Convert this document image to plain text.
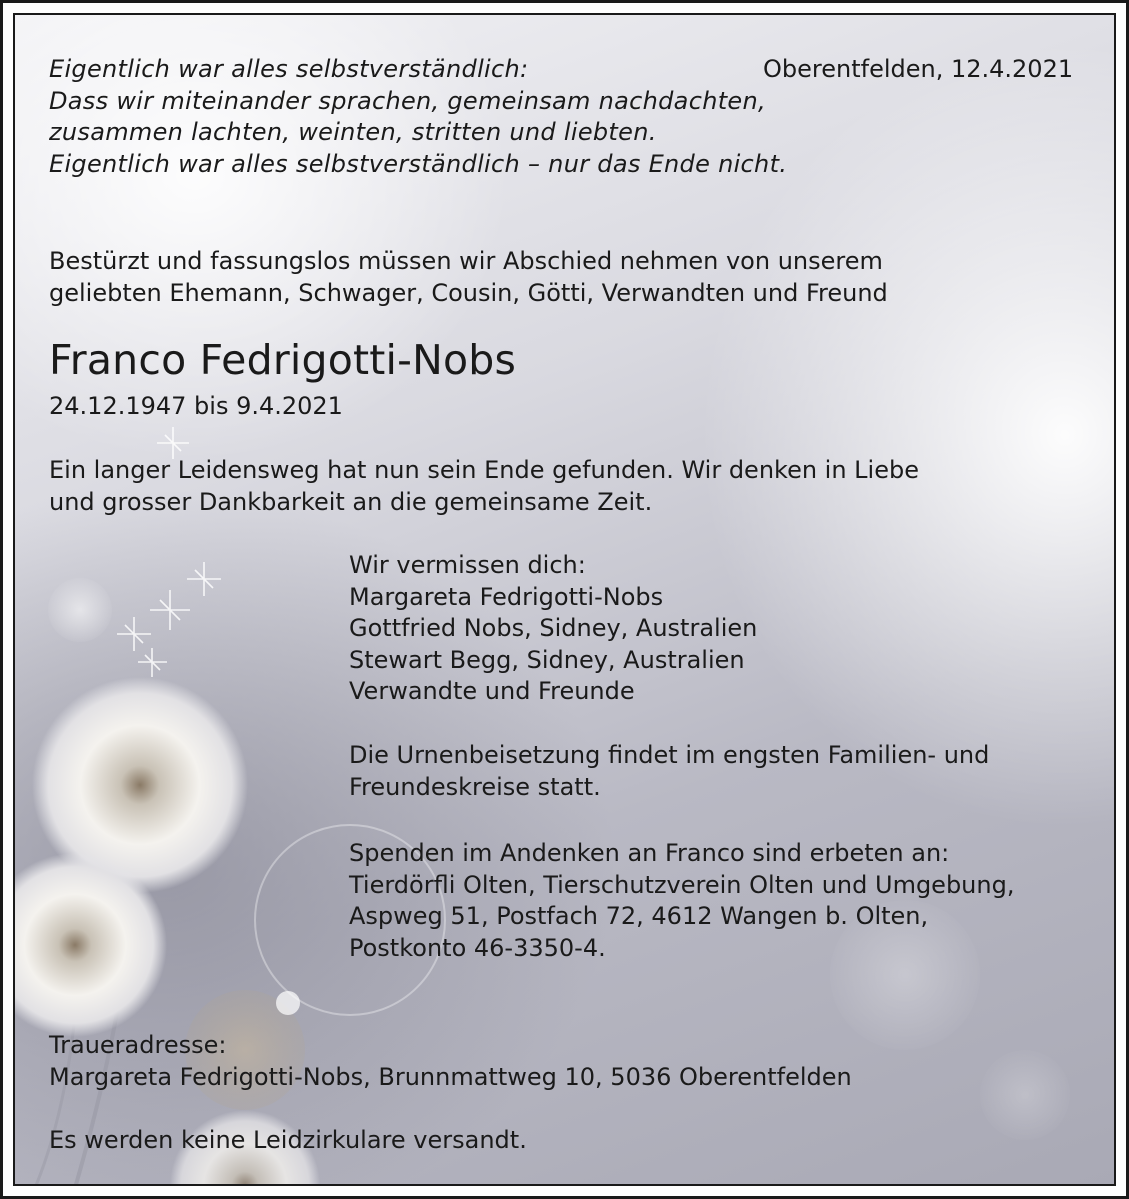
Eigentlich war alles selbstverständlich:
Dass wir miteinander sprachen, gemeinsam nachdachten,
zusammen lachten, weinten, stritten und liebten.
Eigentlich war alles selbstverständlich – nur das Ende nicht.

Oberentfelden, 12.4.2021

Bestürzt und fassungslos müssen wir Abschied nehmen von unserem
geliebten Ehemann, Schwager, Cousin, Götti, Verwandten und Freund

Franco Fedrigotti-Nobs

24.12.1947 bis 9.4.2021

Ein langer Leidensweg hat nun sein Ende gefunden. Wir denken in Liebe
und grosser Dankbarkeit an die gemeinsame Zeit.

Wir vermissen dich:
Margareta Fedrigotti-Nobs
Gottfried Nobs, Sidney, Australien
Stewart Begg, Sidney, Australien
Verwandte und Freunde

Die Urnenbeisetzung findet im engsten Familien- und
Freundeskreise statt.

Spenden im Andenken an Franco sind erbeten an:
Tierdörfli Olten, Tierschutzverein Olten und Umgebung,
Aspweg 51, Postfach 72, 4612 Wangen b. Olten,
Postkonto 46-3350-4.

Traueradresse:
Margareta Fedrigotti-Nobs, Brunnmattweg 10, 5036 Oberentfelden

Es werden keine Leidzirkulare versandt.
